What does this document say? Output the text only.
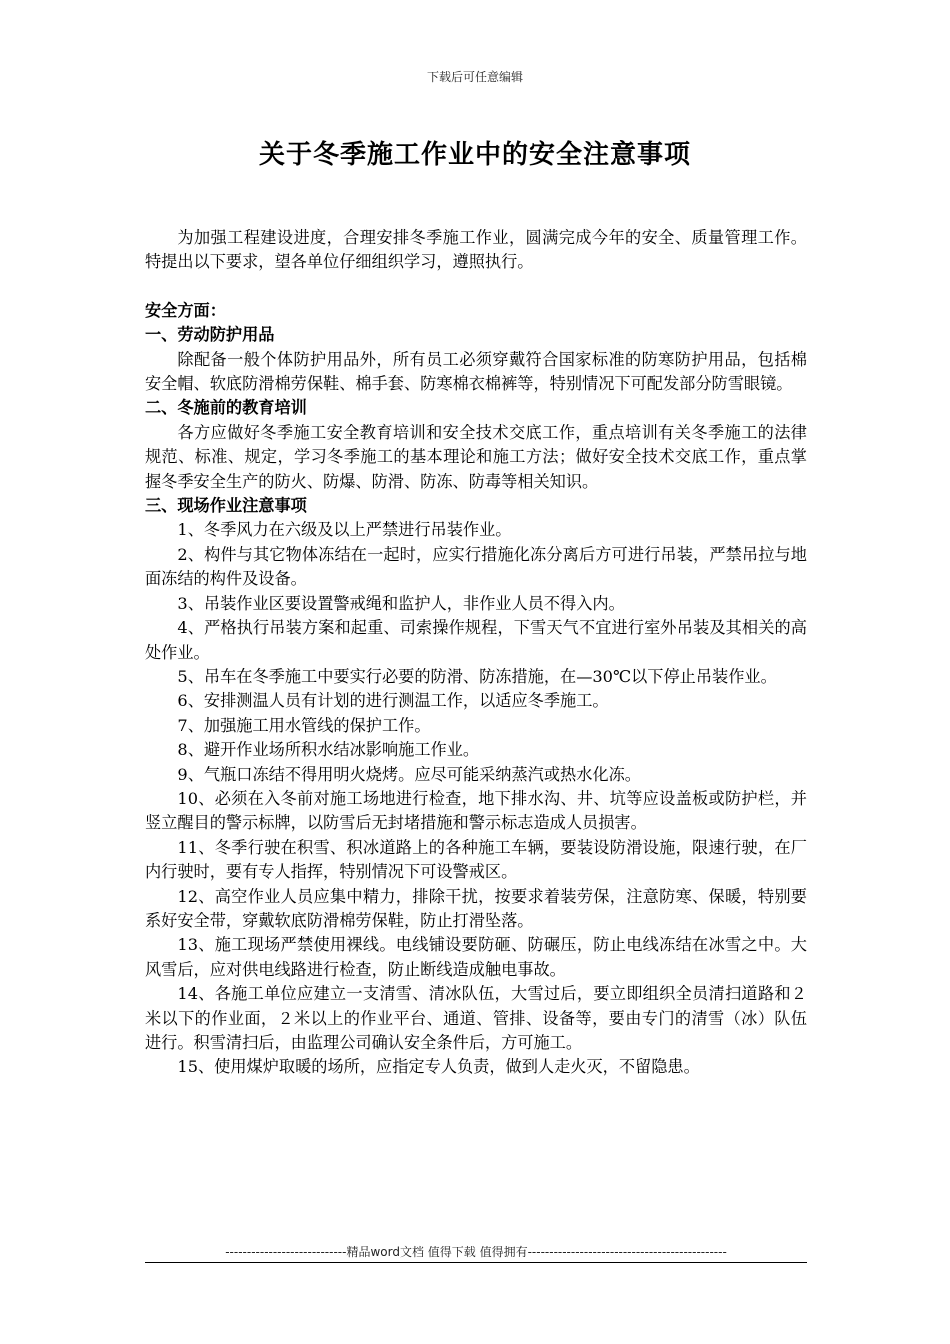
下载后可任意编辑
关于冬季施工作业中的安全注意事项

为加强工程建设进度，合理安排冬季施工作业，圆满完成今年的安全、质量管理工作。特提出以下要求，望各单位仔细组织学习，遵照执行。

安全方面：

一、劳动防护用品

除配备一般个体防护用品外，所有员工必须穿戴符合国家标准的防寒防护用品，包括棉安全帽、软底防滑棉劳保鞋、棉手套、防寒棉衣棉裤等，特别情况下可配发部分防雪眼镜。

二、冬施前的教育培训

各方应做好冬季施工安全教育培训和安全技术交底工作，重点培训有关冬季施工的法律规范、标准、规定，学习冬季施工的基本理论和施工方法；做好安全技术交底工作，重点掌握冬季安全生产的防火、防爆、防滑、防冻、防毒等相关知识。

三、现场作业注意事项

1、冬季风力在六级及以上严禁进行吊装作业。

2、构件与其它物体冻结在一起时，应实行措施化冻分离后方可进行吊装，严禁吊拉与地面冻结的构件及设备。

3、吊装作业区要设置警戒绳和监护人，非作业人员不得入内。

4、严格执行吊装方案和起重、司索操作规程，下雪天气不宜进行室外吊装及其相关的高处作业。

5、吊车在冬季施工中要实行必要的防滑、防冻措施，在—30℃以下停止吊装作业。

6、安排测温人员有计划的进行测温工作，以适应冬季施工。

7、加强施工用水管线的保护工作。

8、避开作业场所积水结冰影响施工作业。

9、气瓶口冻结不得用明火烧烤。应尽可能采纳蒸汽或热水化冻。

10、必须在入冬前对施工场地进行检查，地下排水沟、井、坑等应设盖板或防护栏，并竖立醒目的警示标牌，以防雪后无封堵措施和警示标志造成人员损害。

11、冬季行驶在积雪、积冰道路上的各种施工车辆，要装设防滑设施，限速行驶，在厂内行驶时，要有专人指挥，特别情况下可设警戒区。

12、高空作业人员应集中精力，排除干扰，按要求着装劳保，注意防寒、保暖，特别要系好安全带，穿戴软底防滑棉劳保鞋，防止打滑坠落。

13、施工现场严禁使用裸线。电线铺设要防砸、防碾压，防止电线冻结在冰雪之中。大风雪后，应对供电线路进行检查，防止断线造成触电事故。

14、各施工单位应建立一支清雪、清冰队伍，大雪过后，要立即组织全员清扫道路和２米以下的作业面，２米以上的作业平台、通道、管排、设备等，要由专门的清雪（冰）队伍进行。积雪清扫后，由监理公司确认安全条件后，方可施工。

15、使用煤炉取暖的场所，应指定专人负责，做到人走火灭，不留隐患。

----------------------------精品word文档 值得下载 值得拥有----------------------------------------------
